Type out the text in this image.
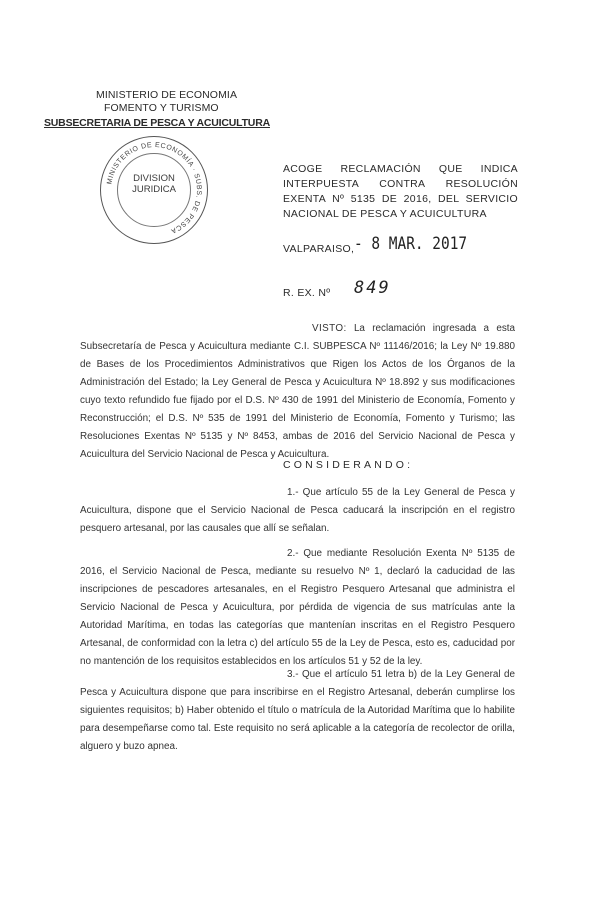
MINISTERIO DE ECONOMIA
FOMENTO Y TURISMO
SUBSECRETARIA DE PESCA Y ACUICULTURA
MINISTERIO DE ECONOMÍA · SUBS. DE PESCA
DIVISION
JURIDICA
ACOGE RECLAMACIÓN QUE INDICA INTERPUESTA CONTRA RESOLUCIÓN EXENTA Nº 5135 DE 2016, DEL SERVICIO NACIONAL DE PESCA Y ACUICULTURA
VALPARAISO, - 8 MAR. 2017
R. EX. Nº 849
VISTO: La reclamación ingresada a esta Subsecretaría de Pesca y Acuicultura mediante C.I. SUBPESCA Nº 11146/2016; la Ley Nº 19.880 de Bases de los Procedimientos Administrativos que Rigen los Actos de los Órganos de la Administración del Estado; la Ley General de Pesca y Acuicultura Nº 18.892 y sus modificaciones cuyo texto refundido fue fijado por el D.S. Nº 430 de 1991 del Ministerio de Economía, Fomento y Reconstrucción; el D.S. Nº 535 de 1991 del Ministerio de Economía, Fomento y Turismo; las Resoluciones Exentas Nº 5135 y Nº 8453, ambas de 2016 del Servicio Nacional de Pesca y Acuicultura del Servicio Nacional de Pesca y Acuicultura.
CONSIDERANDO:
1.- Que artículo 55 de la Ley General de Pesca y Acuicultura, dispone que el Servicio Nacional de Pesca caducará la inscripción en el registro pesquero artesanal, por las causales que allí se señalan.
2.- Que mediante Resolución Exenta Nº 5135 de 2016, el Servicio Nacional de Pesca, mediante su resuelvo Nº 1, declaró la caducidad de las inscripciones de pescadores artesanales, en el Registro Pesquero Artesanal que administra el Servicio Nacional de Pesca y Acuicultura, por pérdida de vigencia de sus matrículas ante la Autoridad Marítima, en todas las categorías que mantenían inscritas en el Registro Pesquero Artesanal, de conformidad con la letra c) del artículo 55 de la Ley de Pesca, esto es, caducidad por no mantención de los requisitos establecidos en los artículos 51 y 52 de la ley.
3.- Que el artículo 51 letra b) de la Ley General de Pesca y Acuicultura dispone que para inscribirse en el Registro Artesanal, deberán cumplirse los siguientes requisitos; b) Haber obtenido el título o matrícula de la Autoridad Marítima que lo habilite para desempeñarse como tal. Este requisito no será aplicable a la categoría de recolector de orilla, alguero y buzo apnea.
